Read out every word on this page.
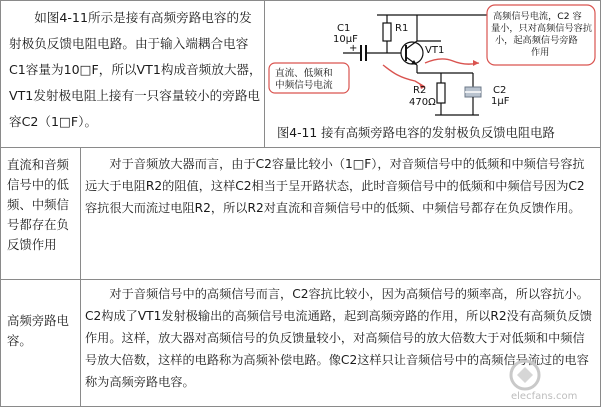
如图4-11所示是接有高频旁路电容的发射极负反馈电阻电路。由于输入端耦合电容C1容量为10□F，所以VT1构成音频放大器，VT1发射极电阻上接有一只容量较小的旁路电容C2（1□F）。

C1
10μF
+
R1
VT1
R2
470Ω
C2
1μF
直流、低频和
中频信号电流
高频信号电流，C2 容
量小，只对高频信号容抗
小，起高频信号旁路
作用
图4-11 接有高频旁路电容的发射极负反馈电阻电路

直流和音频信号中的低频、中频信号都存在负反馈作用

对于音频放大器而言，由于C2容量比较小（1□F），对音频信号中的低频和中频信号容抗远大于电阻R2的阻值，这样C2相当于呈开路状态，此时音频信号中的低频和中频信号因为C2容抗很大而流过电阻R2，所以R2对直流和音频信号中的低频、中频信号都存在负反馈作用。

高频旁路电容。

对于音频信号中的高频信号而言，C2容抗比较小，因为高频信号的频率高，所以容抗小。C2构成了VT1发射极输出的高频信号电流通路，起到高频旁路的作用，所以R2没有高频负反馈作用。这样，放大器对高频信号的负反馈量较小，对高频信号的放大倍数大于对低频和中频信号放大倍数，这样的电路称为高频补偿电路。像C2这样只让音频信号中的高频信号流过的电容称为高频旁路电容。

elecfans.com
